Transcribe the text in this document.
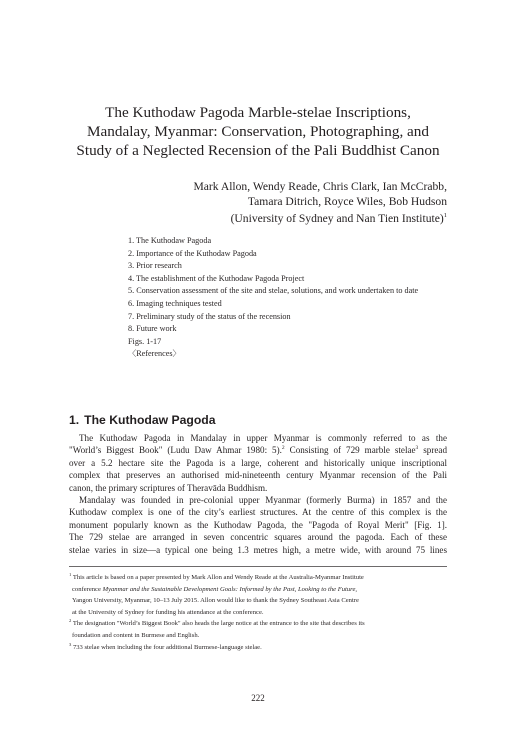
The Kuthodaw Pagoda Marble-stelae Inscriptions,
Mandalay, Myanmar: Conservation, Photographing, and
Study of a Neglected Recension of the Pali Buddhist Canon
Mark Allon, Wendy Reade, Chris Clark, Ian McCrabb,
Tamara Ditrich, Royce Wiles, Bob Hudson
(University of Sydney and Nan Tien Institute)$^1$
1. The Kuthodaw Pagoda
2. Importance of the Kuthodaw Pagoda
3. Prior research
4. The establishment of the Kuthodaw Pagoda Project
5. Conservation assessment of the site and stelae, solutions, and work undertaken to date
6. Imaging techniques tested
7. Preliminary study of the status of the recension
8. Future work
Figs. 1-17
〈References〉
1. The Kuthodaw Pagoda

The Kuthodaw Pagoda in Mandalay in upper Myanmar is commonly referred to as the
"World’s Biggest Book" (Ludu Daw Ahmar 1980: 5).$^2$ Consisting of 729 marble stelae$^3$ spread
over a 5.2 hectare site the Pagoda is a large, coherent and historically unique inscriptional
complex that preserves an authorised mid-nineteenth century Myanmar recension of the Pali
canon, the primary scriptures of Theravāda Buddhism.

Mandalay was founded in pre-colonial upper Myanmar (formerly Burma) in 1857 and the
Kuthodaw complex is one of the city’s earliest structures. At the centre of this complex is the
monument popularly known as the Kuthodaw Pagoda, the "Pagoda of Royal Merit" [Fig. 1].
The 729 stelae are arranged in seven concentric squares around the pagoda. Each of these
stelae varies in size—a typical one being 1.3 metres high, a metre wide, with around 75 lines

$^1$ This article is based on a paper presented by Mark Allon and Wendy Reade at the Australia-Myanmar Institute
conference Myanmar and the Sustainable Development Goals: Informed by the Past, Looking to the Future,
Yangon University, Myanmar, 10–13 July 2015. Allon would like to thank the Sydney Southeast Asia Centre
at the University of Sydney for funding his attendance at the conference.
$^2$ The designation "World’s Biggest Book" also heads the large notice at the entrance to the site that describes its
foundation and content in Burmese and English.
$^3$ 733 stelae when including the four additional Burmese-language stelae.
222
